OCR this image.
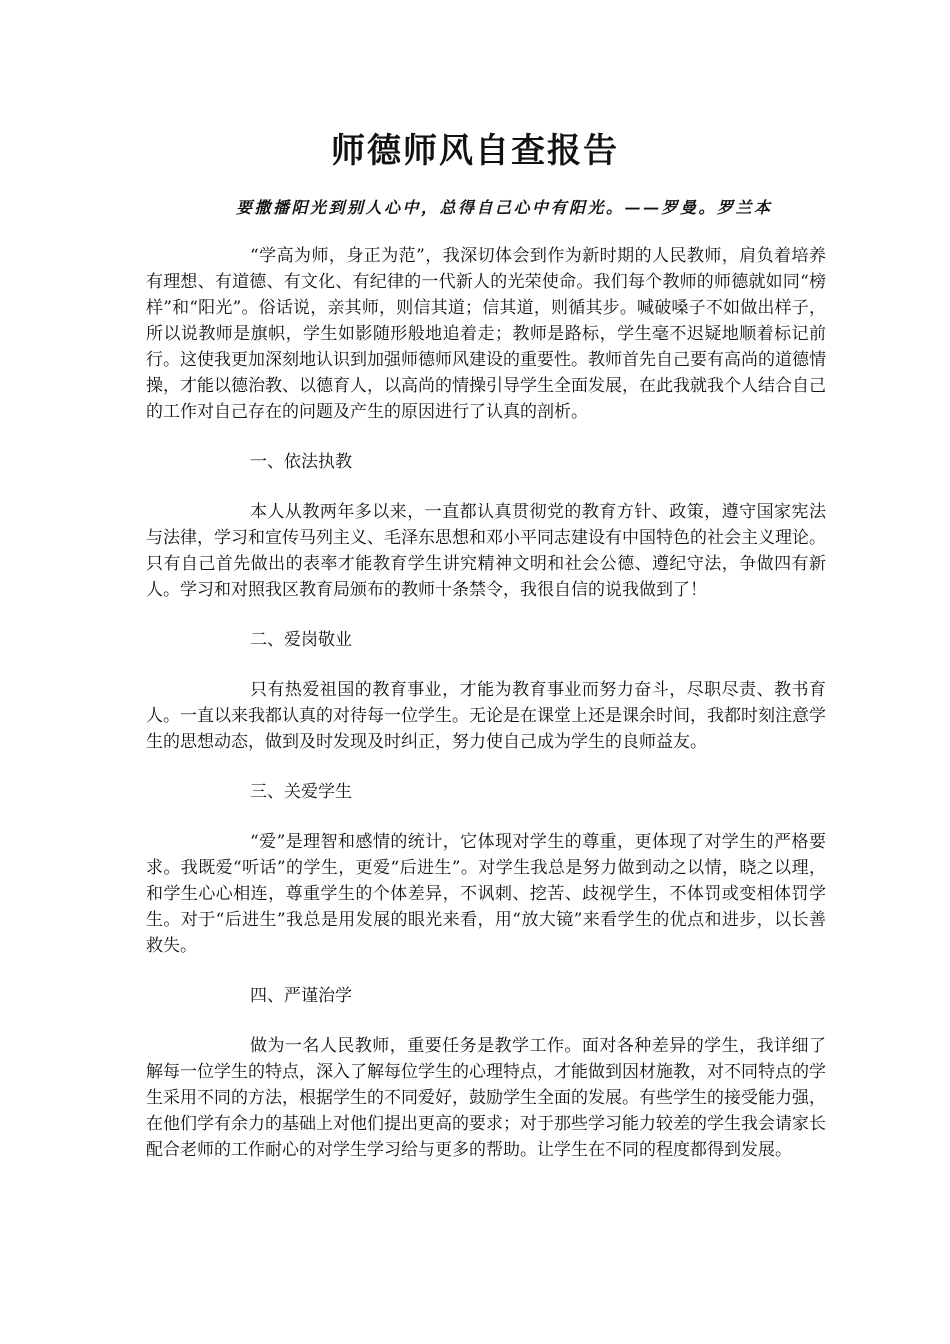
师德师风自查报告

要撒播阳光到别人心中，总得自己心中有阳光。——罗曼。罗兰本

“学高为师，身正为范”，我深切体会到作为新时期的人民教师，肩负着培养有理想、有道德、有文化、有纪律的一代新人的光荣使命。我们每个教师的师德就如同“榜样”和“阳光”。俗话说，亲其师，则信其道；信其道，则循其步。喊破嗓子不如做出样子，所以说教师是旗帜，学生如影随形般地追着走；教师是路标，学生毫不迟疑地顺着标记前行。这使我更加深刻地认识到加强师德师风建设的重要性。教师首先自己要有高尚的道德情操，才能以德治教、以德育人，以高尚的情操引导学生全面发展，在此我就我个人结合自己的工作对自己存在的问题及产生的原因进行了认真的剖析。

一、依法执教

本人从教两年多以来，一直都认真贯彻党的教育方针、政策，遵守国家宪法与法律，学习和宣传马列主义、毛泽东思想和邓小平同志建设有中国特色的社会主义理论。只有自己首先做出的表率才能教育学生讲究精神文明和社会公德、遵纪守法，争做四有新人。学习和对照我区教育局颁布的教师十条禁令，我很自信的说我做到了！

二、爱岗敬业

只有热爱祖国的教育事业，才能为教育事业而努力奋斗，尽职尽责、教书育人。一直以来我都认真的对待每一位学生。无论是在课堂上还是课余时间，我都时刻注意学生的思想动态，做到及时发现及时纠正，努力使自己成为学生的良师益友。

三、关爱学生

“爱”是理智和感情的统计，它体现对学生的尊重，更体现了对学生的严格要求。我既爱“听话”的学生，更爱“后进生”。对学生我总是努力做到动之以情，晓之以理，和学生心心相连，尊重学生的个体差异，不讽刺、挖苦、歧视学生，不体罚或变相体罚学生。对于“后进生”我总是用发展的眼光来看，用“放大镜”来看学生的优点和进步，以长善救失。

四、严谨治学

做为一名人民教师，重要任务是教学工作。面对各种差异的学生，我详细了解每一位学生的特点，深入了解每位学生的心理特点，才能做到因材施教，对不同特点的学生采用不同的方法，根据学生的不同爱好，鼓励学生全面的发展。有些学生的接受能力强，在他们学有余力的基础上对他们提出更高的要求；对于那些学习能力较差的学生我会请家长配合老师的工作耐心的对学生学习给与更多的帮助。让学生在不同的程度都得到发展。
